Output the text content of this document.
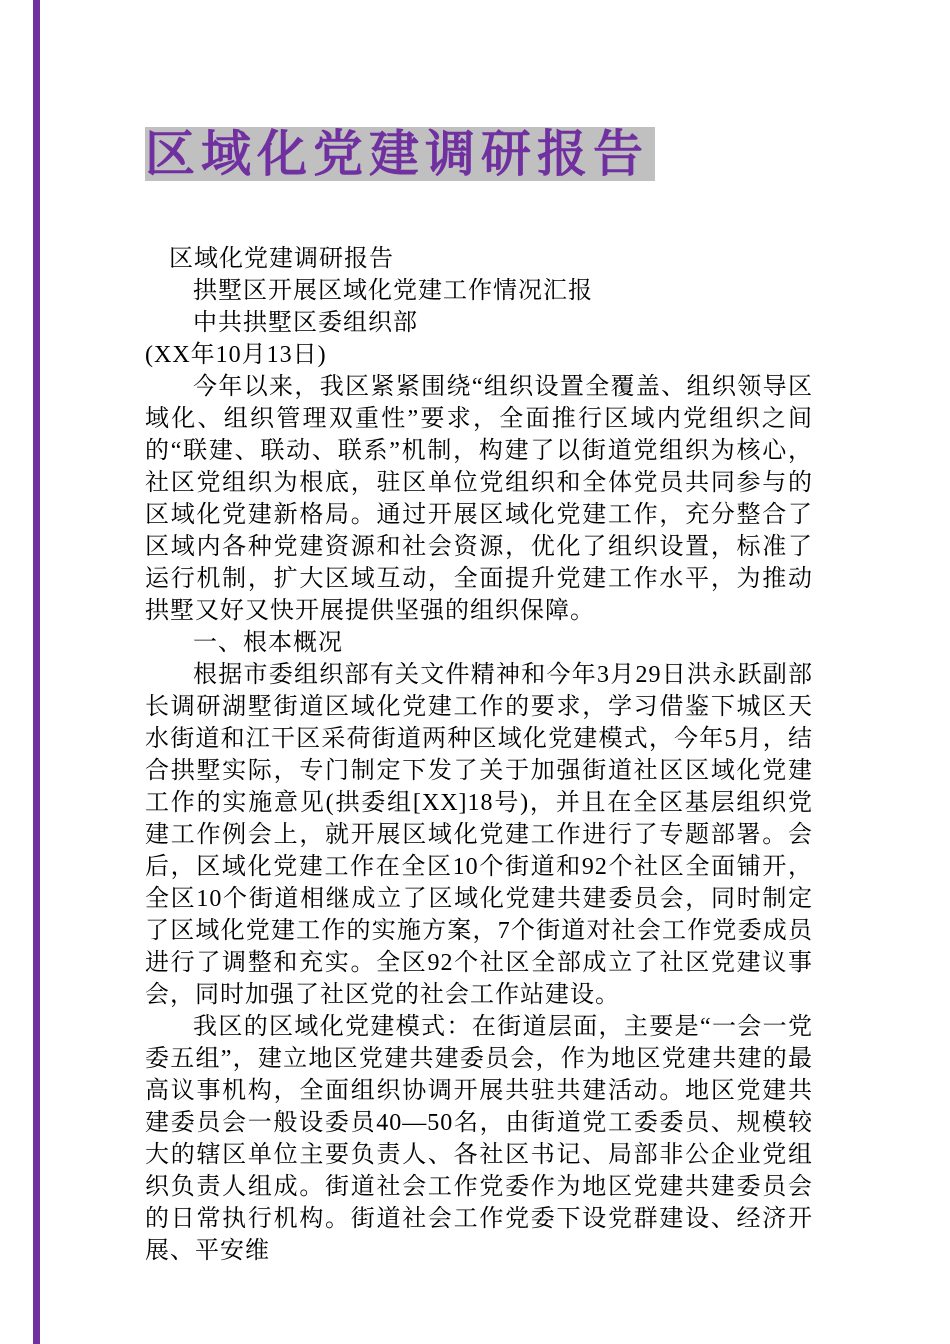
区域化党建调研报告

区域化党建调研报告

拱墅区开展区域化党建工作情况汇报

中共拱墅区委组织部

(XX年10月13日)

今年以来，我区紧紧围绕“组织设置全覆盖、组织领导区域化、组织管理双重性”要求，全面推行区域内党组织之间的“联建、联动、联系”机制，构建了以街道党组织为核心，社区党组织为根底，驻区单位党组织和全体党员共同参与的区域化党建新格局。通过开展区域化党建工作，充分整合了区域内各种党建资源和社会资源，优化了组织设置，标准了运行机制，扩大区域互动，全面提升党建工作水平，为推动拱墅又好又快开展提供坚强的组织保障。

一、根本概况

根据市委组织部有关文件精神和今年3月29日洪永跃副部长调研湖墅街道区域化党建工作的要求，学习借鉴下城区天水街道和江干区采荷街道两种区域化党建模式，今年5月，结合拱墅实际，专门制定下发了关于加强街道社区区域化党建工作的实施意见(拱委组[XX]18号)，并且在全区基层组织党建工作例会上，就开展区域化党建工作进行了专题部署。会后，区域化党建工作在全区10个街道和92个社区全面铺开，全区10个街道相继成立了区域化党建共建委员会，同时制定了区域化党建工作的实施方案，7个街道对社会工作党委成员进行了调整和充实。全区92个社区全部成立了社区党建议事会，同时加强了社区党的社会工作站建设。

我区的区域化党建模式：在街道层面，主要是“一会一党委五组”，建立地区党建共建委员会，作为地区党建共建的最高议事机构，全面组织协调开展共驻共建活动。地区党建共建委员会一般设委员40—50名，由街道党工委委员、规模较大的辖区单位主要负责人、各社区书记、局部非公企业党组织负责人组成。街道社会工作党委作为地区党建共建委员会的日常执行机构。街道社会工作党委下设党群建设、经济开展、平安维
